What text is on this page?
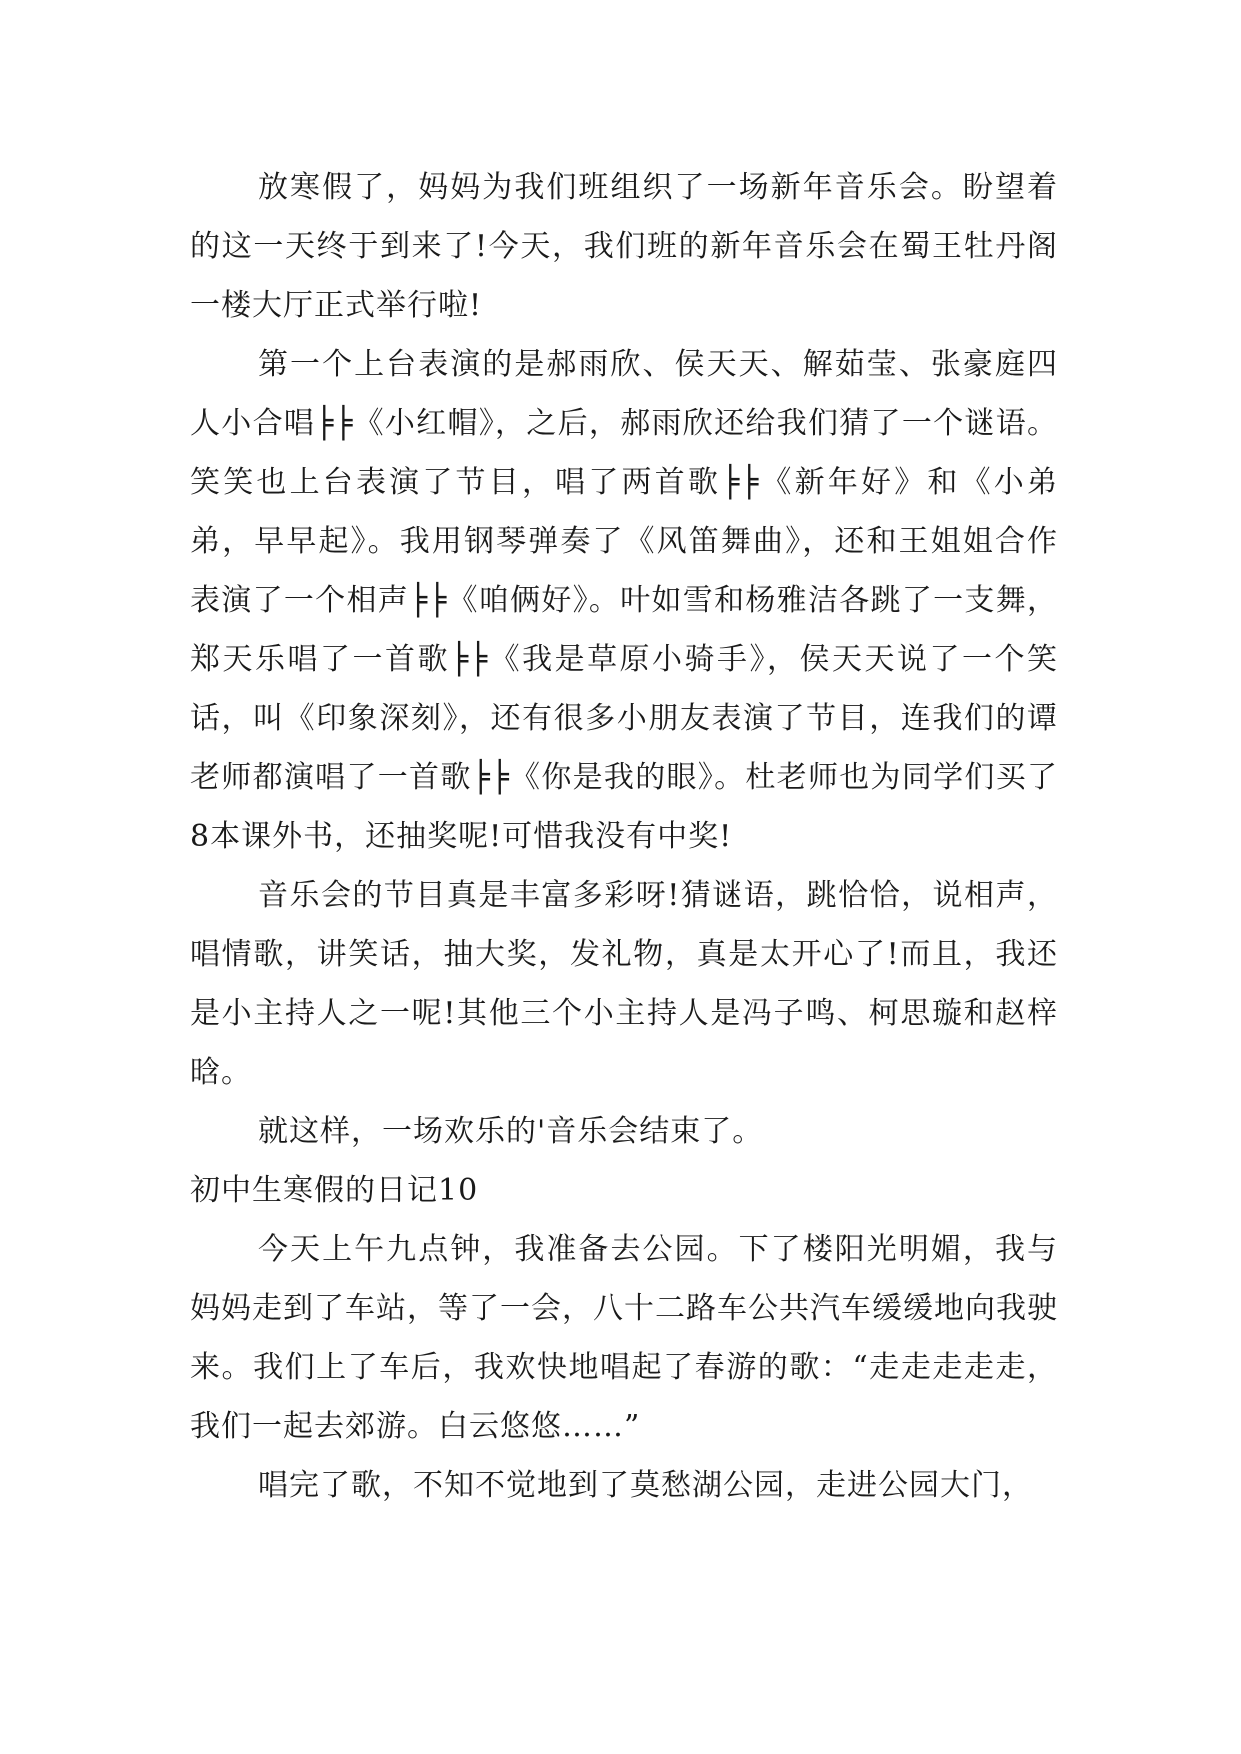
放寒假了，妈妈为我们班组织了一场新年音乐会。盼望着的这一天终于到来了!今天，我们班的新年音乐会在蜀王牡丹阁一楼大厅正式举行啦!

第一个上台表演的是郝雨欣、侯天天、解茹莹、张豪庭四人小合唱╞╞《小红帽》，之后，郝雨欣还给我们猜了一个谜语。笑笑也上台表演了节目，唱了两首歌╞╞《新年好》和《小弟弟，早早起》。我用钢琴弹奏了《风笛舞曲》，还和王姐姐合作表演了一个相声╞╞《咱俩好》。叶如雪和杨雅洁各跳了一支舞，郑天乐唱了一首歌╞╞《我是草原小骑手》，侯天天说了一个笑话，叫《印象深刻》，还有很多小朋友表演了节目，连我们的谭老师都演唱了一首歌╞╞《你是我的眼》。杜老师也为同学们买了8本课外书，还抽奖呢!可惜我没有中奖!

音乐会的节目真是丰富多彩呀!猜谜语，跳恰恰，说相声，唱情歌，讲笑话，抽大奖，发礼物，真是太开心了!而且，我还是小主持人之一呢!其他三个小主持人是冯子鸣、柯思璇和赵梓晗。

就这样，一场欢乐的'音乐会结束了。

初中生寒假的日记10

今天上午九点钟，我准备去公园。下了楼阳光明媚，我与妈妈走到了车站，等了一会，八十二路车公共汽车缓缓地向我驶来。我们上了车后，我欢快地唱起了春游的歌：“走走走走走，我们一起去郊游。白云悠悠……”

唱完了歌，不知不觉地到了莫愁湖公园，走进公园大门，
